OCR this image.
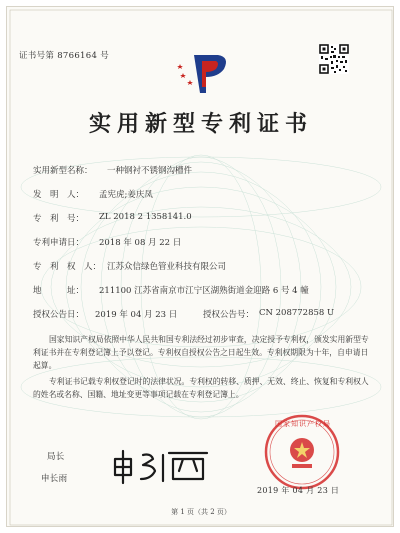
证书号第 8766164 号
实用新型专利证书
实用新型名称： 一种钢衬不锈钢沟槽件
发　明　人： 孟宪虎;姜庆凤
专　利　号： ZL 2018 2 1358141.0
专利申请日： 2018 年 08 月 22 日
专　利　权　人： 江苏众信绿色管业科技有限公司
地　　　址： 211100 江苏省南京市江宁区湖熟街道金迎路 6 号 4 幢
授权公告日： 2019 年 04 月 23 日	授权公告号： CN 208772858 U
国家知识产权局依照中华人民共和国专利法经过初步审查，决定授予专利权，颁发实用新型专利证书并在专利登记簿上予以登记。专利权自授权公告之日起生效。专利权期限为十年，自申请日起算。
专利证书记载专利权登记时的法律状况。专利权的转移、质押、无效、终止、恢复和专利权人的姓名或名称、国籍、地址变更等事项记载在专利登记簿上。
局长
申长雨
国家知识产权局
2019 年 04 月 23 日
第 1 页（共 2 页）
